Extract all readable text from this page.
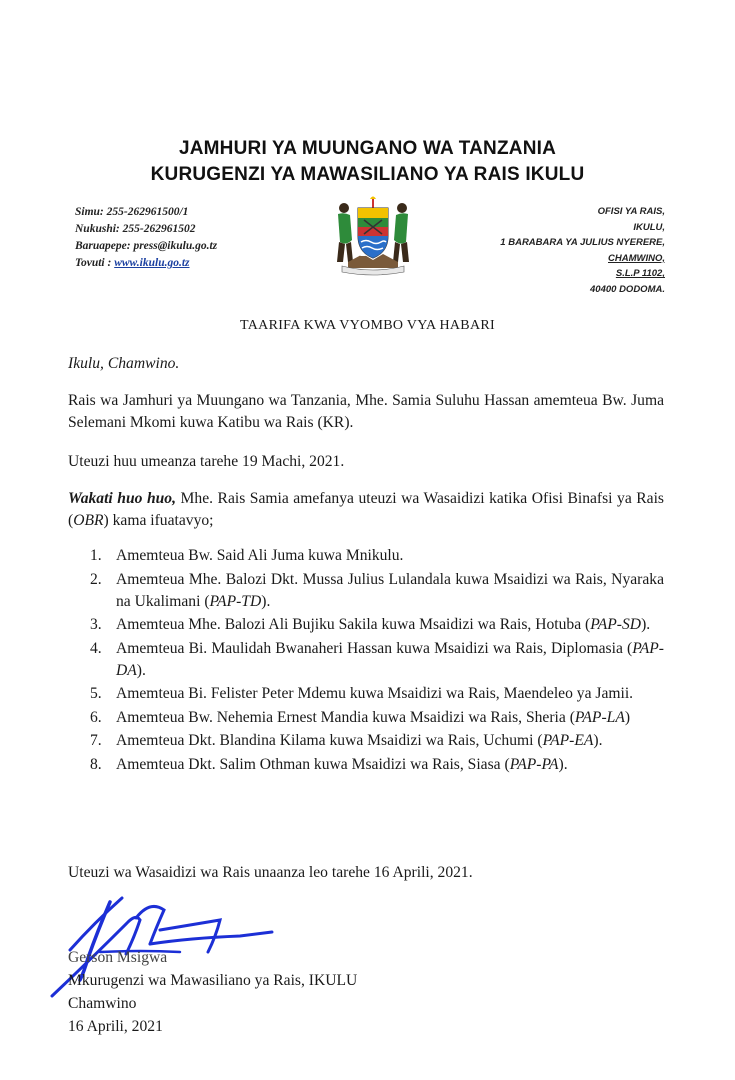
JAMHURI YA MUUNGANO WA TANZANIA
KURUGENZI YA MAWASILIANO YA RAIS IKULU
Simu: 255-262961500/1
Nukushi: 255-262961502
Baruapepe: press@ikulu.go.tz
Tovuti : www.ikulu.go.tz
OFISI YA RAIS,
IKULU,
1 BARABARA YA JULIUS NYERERE,
CHAMWINO,
S.L.P 1102,
40400 DODOMA.
TAARIFA KWA VYOMBO VYA HABARI
Ikulu, Chamwino.
Rais wa Jamhuri ya Muungano wa Tanzania, Mhe. Samia Suluhu Hassan amemteua Bw. Juma Selemani Mkomi kuwa Katibu wa Rais (KR).
Uteuzi huu umeanza tarehe 19 Machi, 2021.
Wakati huo huo, Mhe. Rais Samia amefanya uteuzi wa Wasaidizi katika Ofisi Binafsi ya Rais (OBR) kama ifuatavyo;
1. Amemteua Bw. Said Ali Juma kuwa Mnikulu.
2. Amemteua Mhe. Balozi Dkt. Mussa Julius Lulandala kuwa Msaidizi wa Rais, Nyaraka na Ukalimani (PAP-TD).
3. Amemteua Mhe. Balozi Ali Bujiku Sakila kuwa Msaidizi wa Rais, Hotuba (PAP-SD).
4. Amemteua Bi. Maulidah Bwanaheri Hassan kuwa Msaidizi wa Rais, Diplomasia (PAP-DA).
5. Amemteua Bi. Felister Peter Mdemu kuwa Msaidizi wa Rais, Maendeleo ya Jamii.
6. Amemteua Bw. Nehemia Ernest Mandia kuwa Msaidizi wa Rais, Sheria (PAP-LA)
7. Amemteua Dkt. Blandina Kilama kuwa Msaidizi wa Rais, Uchumi (PAP-EA).
8. Amemteua Dkt. Salim Othman kuwa Msaidizi wa Rais, Siasa (PAP-PA).
Uteuzi wa Wasaidizi wa Rais unaanza leo tarehe 16 Aprili, 2021.
Gerson Msigwa
Mkurugenzi wa Mawasiliano ya Rais, IKULU
Chamwino
16 Aprili, 2021
